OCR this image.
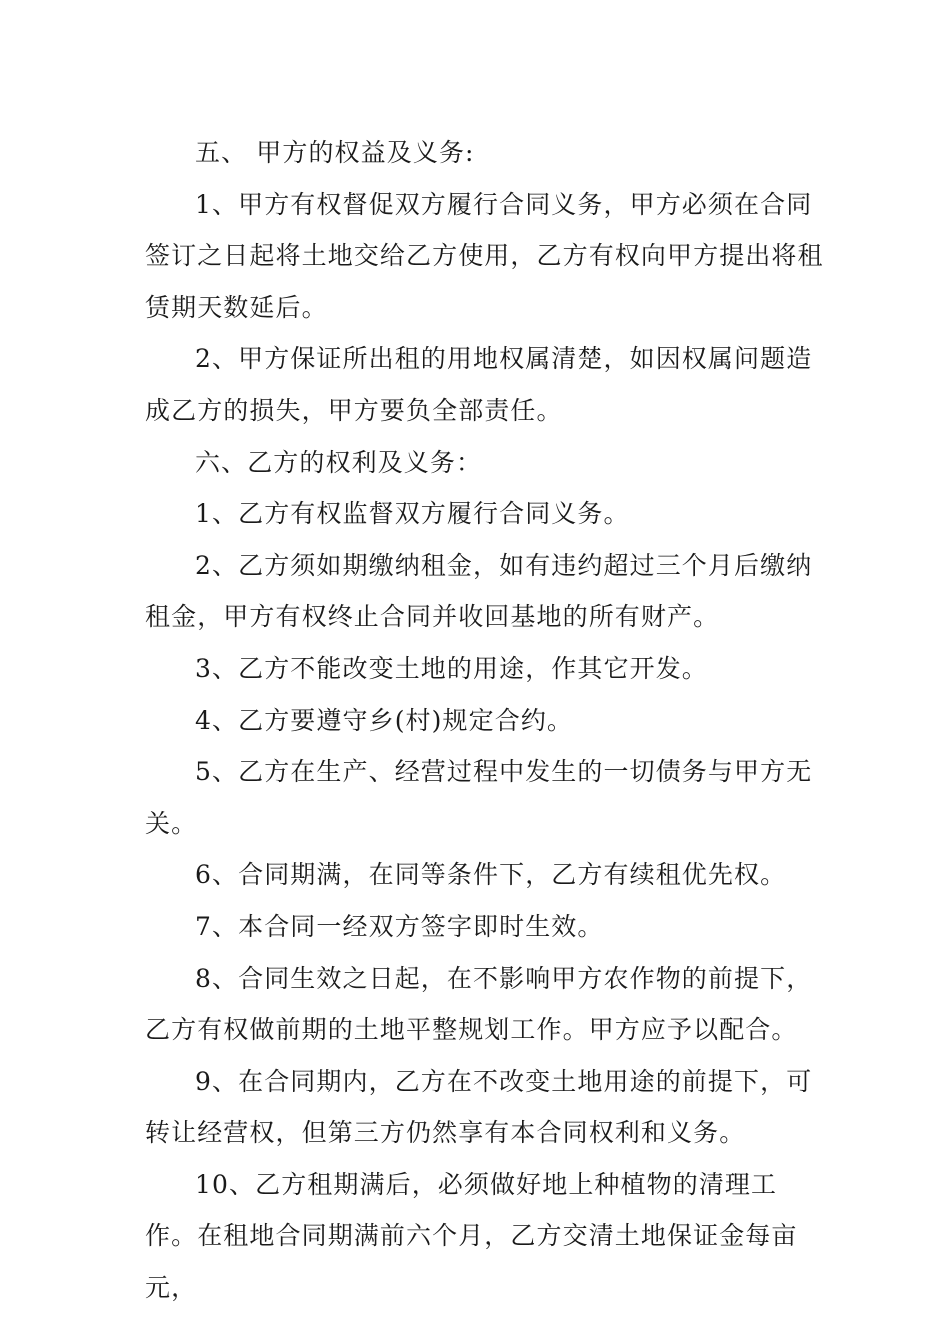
五、 甲方的权益及义务:

1、甲方有权督促双方履行合同义务，甲方必须在合同签订之日起将土地交给乙方使用，乙方有权向甲方提出将租赁期天数延后。

2、甲方保证所出租的用地权属清楚，如因权属问题造成乙方的损失，甲方要负全部责任。

六、乙方的权利及义务：

1、乙方有权监督双方履行合同义务。

2、乙方须如期缴纳租金，如有违约超过三个月后缴纳租金，甲方有权终止合同并收回基地的所有财产。

3、乙方不能改变土地的用途，作其它开发。

4、乙方要遵守乡(村)规定合约。

5、乙方在生产、经营过程中发生的一切债务与甲方无关。

6、合同期满，在同等条件下，乙方有续租优先权。

7、本合同一经双方签字即时生效。

8、合同生效之日起，在不影响甲方农作物的前提下，乙方有权做前期的土地平整规划工作。甲方应予以配合。

9、在合同期内，乙方在不改变土地用途的前提下，可转让经营权，但第三方仍然享有本合同权利和义务。

10、乙方租期满后，必须做好地上种植物的清理工作。在租地合同期满前六个月，乙方交清土地保证金每亩元，
